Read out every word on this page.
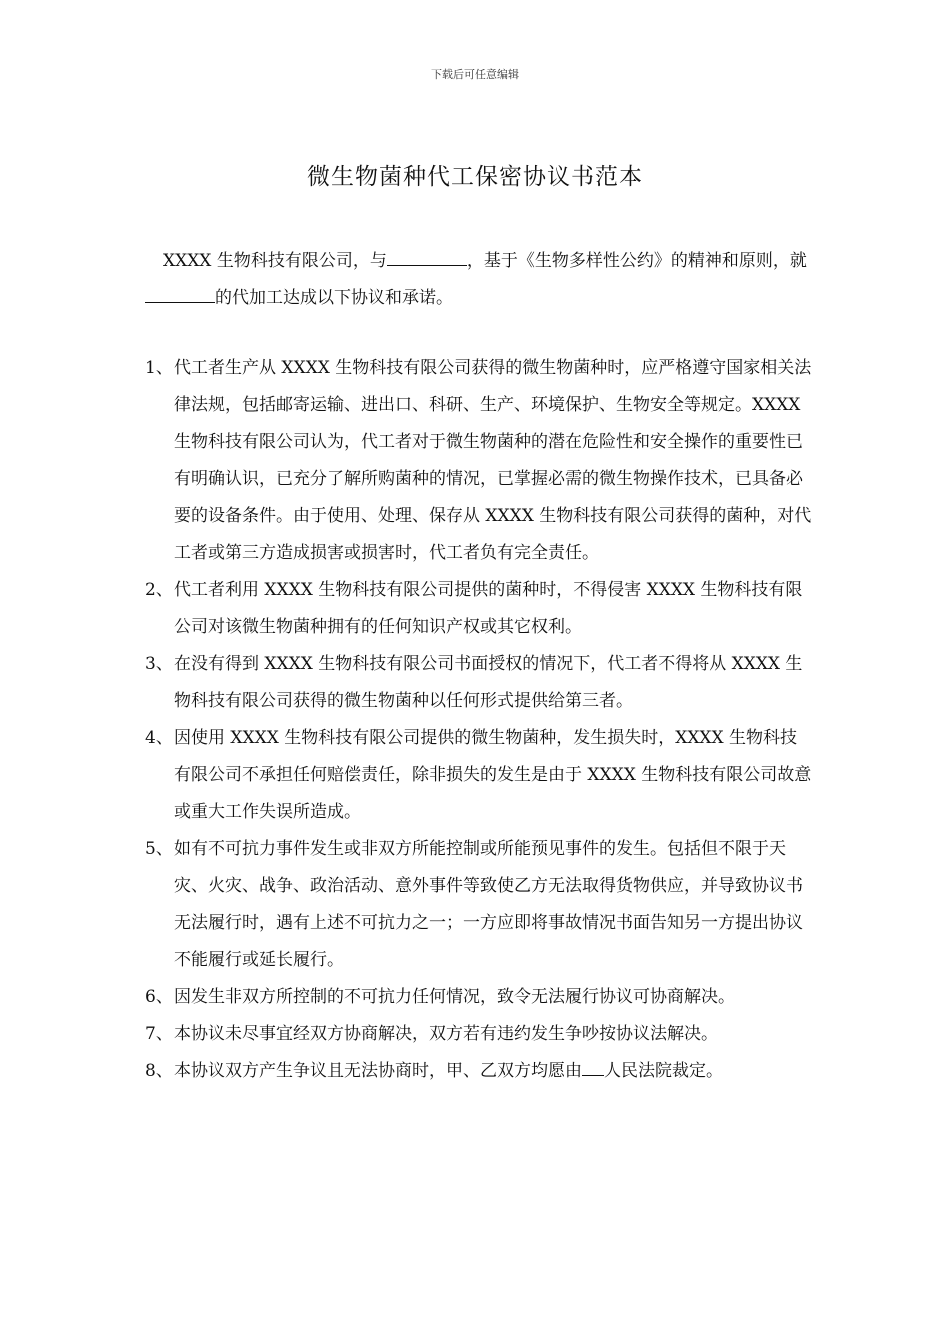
下载后可任意编辑
微生物菌种代工保密协议书范本

XXXX 生物科技有限公司，与	，基于《生物多样性公约》的精神和原则，就的代加工达成以下协议和承诺。

1、 代工者生产从 XXXX 生物科技有限公司获得的微生物菌种时，应严格遵守国家相关法律法规，包括邮寄运输、进出口、科研、生产、环境保护、生物安全等规定。XXXX 生物科技有限公司认为，代工者对于微生物菌种的潜在危险性和安全操作的重要性已有明确认识，已充分了解所购菌种的情况，已掌握必需的微生物操作技术，已具备必要的设备条件。由于使用、处理、保存从 XXXX 生物科技有限公司获得的菌种，对代工者或第三方造成损害或损害时，代工者负有完全责任。
2、 代工者利用 XXXX 生物科技有限公司提供的菌种时，不得侵害 XXXX 生物科技有限公司对该微生物菌种拥有的任何知识产权或其它权利。
3、 在没有得到 XXXX 生物科技有限公司书面授权的情况下，代工者不得将从 XXXX 生物科技有限公司获得的微生物菌种以任何形式提供给第三者。
4、 因使用 XXXX 生物科技有限公司提供的微生物菌种，发生损失时，XXXX 生物科技有限公司不承担任何赔偿责任，除非损失的发生是由于 XXXX 生物科技有限公司故意或重大工作失误所造成。
5、 如有不可抗力事件发生或非双方所能控制或所能预见事件的发生。包括但不限于天灾、火灾、战争、政治活动、意外事件等致使乙方无法取得货物供应，并导致协议书无法履行时，遇有上述不可抗力之一；一方应即将事故情况书面告知另一方提出协议不能履行或延长履行。
6、 因发生非双方所控制的不可抗力任何情况，致令无法履行协议可协商解决。
7、 本协议未尽事宜经双方协商解决，双方若有违约发生争吵按协议法解决。
8、 本协议双方产生争议且无法协商时，甲、乙双方均愿由 人民法院裁定。
